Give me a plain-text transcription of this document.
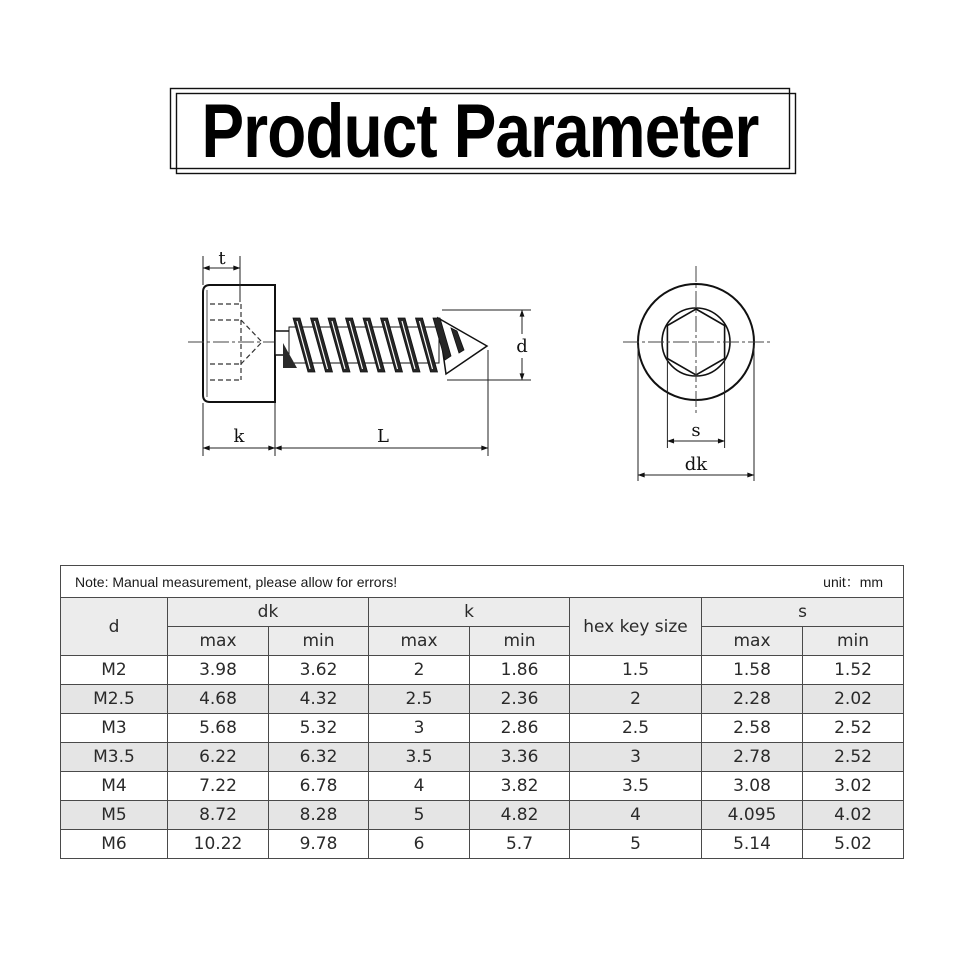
t
d
k	L	s
dk
Product Parameter
Note: Manual measurement, please allow for errors! unit：mm							

d	dk		k		hex key size	s	
	max	min	max	min		max	min
M2	3.98	3.62	2	1.86	1.5	1.58	1.52
M2.5	4.68	4.32	2.5	2.36	2	2.28	2.02
M3	5.68	5.32	3	2.86	2.5	2.58	2.52
M3.5	6.22	6.32	3.5	3.36	3	2.78	2.52
M4	7.22	6.78	4	3.82	3.5	3.08	3.02
M5	8.72	8.28	5	4.82	4	4.095	4.02
M6	10.22	9.78	6	5.7	5	5.14	5.02
